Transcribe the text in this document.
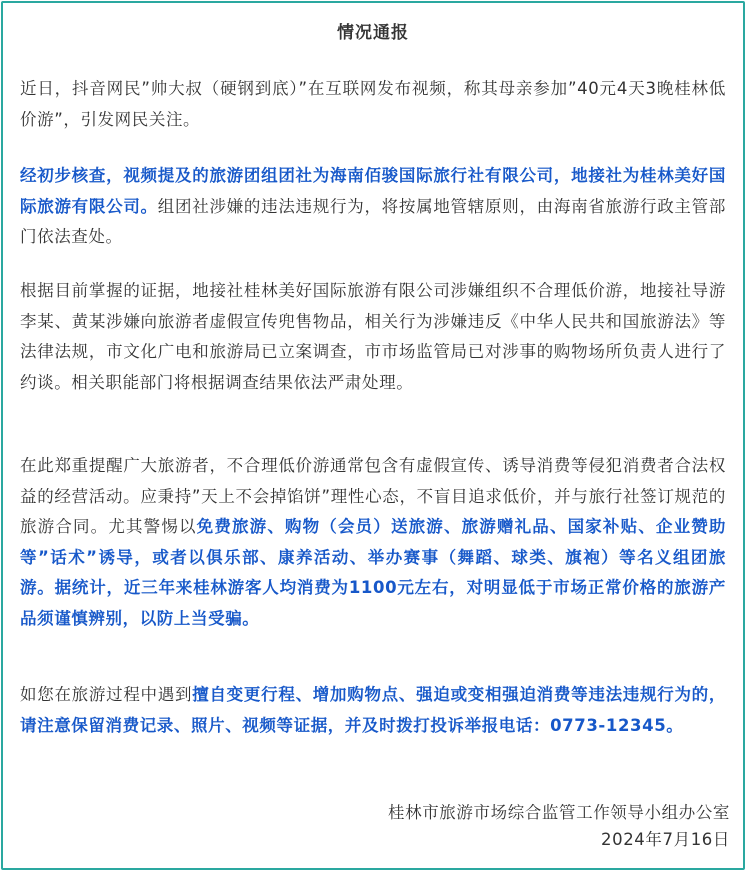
情况通报

近日，抖音网民”帅大叔（硬钢到底）”在互联网发布视频，称其母亲参加”40元4天3晚桂林低价游”，引发网民关注。

经初步核查，视频提及的旅游团组团社为海南佰骏国际旅行社有限公司，地接社为桂林美好国际旅游有限公司。组团社涉嫌的违法违规行为，将按属地管辖原则，由海南省旅游行政主管部门依法查处。

根据目前掌握的证据，地接社桂林美好国际旅游有限公司涉嫌组织不合理低价游，地接社导游李某、黄某涉嫌向旅游者虚假宣传兜售物品，相关行为涉嫌违反《中华人民共和国旅游法》等法律法规，市文化广电和旅游局已立案调查，市市场监管局已对涉事的购物场所负责人进行了约谈。相关职能部门将根据调查结果依法严肃处理。

在此郑重提醒广大旅游者，不合理低价游通常包含有虚假宣传、诱导消费等侵犯消费者合法权益的经营活动。应秉持”天上不会掉馅饼”理性心态，不盲目追求低价，并与旅行社签订规范的旅游合同。尤其警惕以免费旅游、购物（会员）送旅游、旅游赠礼品、国家补贴、企业赞助等”话术”诱导，或者以俱乐部、康养活动、举办赛事（舞蹈、球类、旗袍）等名义组团旅游。据统计，近三年来桂林游客人均消费为1100元左右，对明显低于市场正常价格的旅游产品须谨慎辨别，以防上当受骗。

如您在旅游过程中遇到擅自变更行程、增加购物点、强迫或变相强迫消费等违法违规行为的，请注意保留消费记录、照片、视频等证据，并及时拨打投诉举报电话：0773-12345。

桂林市旅游市场综合监管工作领导小组办公室
2024年7月16日
